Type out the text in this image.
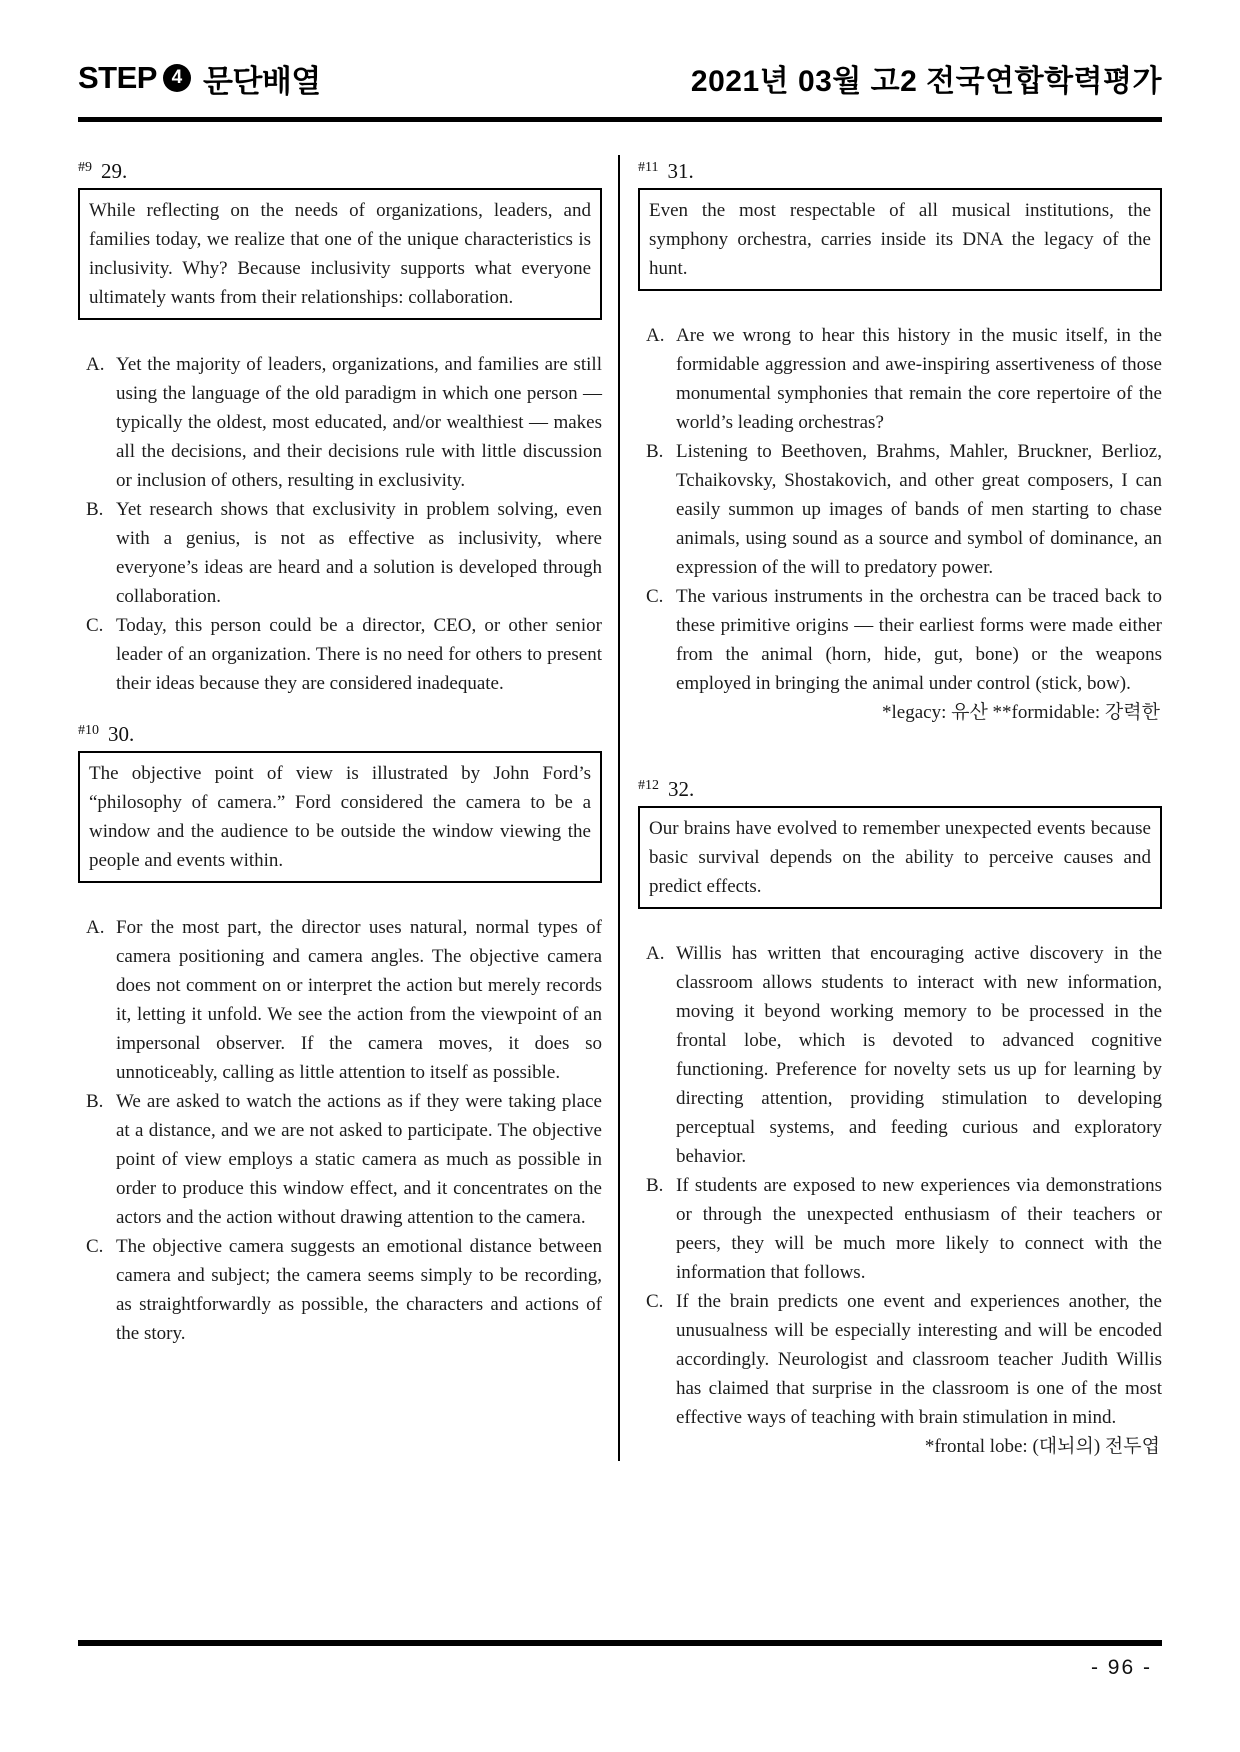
STEP 4 문단배열	2021년 03월 고2 전국연합학력평가
$^{\#9}$ 29.
While reflecting on the needs of organizations, leaders, and families today, we realize that one of the unique characteristics is inclusivity. Why? Because inclusivity supports what everyone ultimately wants from their relationships: collaboration.
A. Yet the majority of leaders, organizations, and families are still using the language of the old paradigm in which one person — typically the oldest, most educated, and/or wealthiest — makes all the decisions, and their decisions rule with little discussion or inclusion of others, resulting in exclusivity.
B. Yet research shows that exclusivity in problem solving, even with a genius, is not as effective as inclusivity, where everyone’s ideas are heard and a solution is developed through collaboration.
C. Today, this person could be a director, CEO, or other senior leader of an organization. There is no need for others to present their ideas because they are considered inadequate.
$^{\#10}$ 30.
The objective point of view is illustrated by John Ford’s “philosophy of camera.” Ford considered the camera to be a window and the audience to be outside the window viewing the people and events within.
A. For the most part, the director uses natural, normal types of camera positioning and camera angles. The objective camera does not comment on or interpret the action but merely records it, letting it unfold. We see the action from the viewpoint of an impersonal observer. If the camera moves, it does so unnoticeably, calling as little attention to itself as possible.
B. We are asked to watch the actions as if they were taking place at a distance, and we are not asked to participate. The objective point of view employs a static camera as much as possible in order to produce this window effect, and it concentrates on the actors and the action without drawing attention to the camera.
C. The objective camera suggests an emotional distance between camera and subject; the camera seems simply to be recording, as straightforwardly as possible, the characters and actions of the story.
$^{\#11}$ 31.
Even the most respectable of all musical institutions, the symphony orchestra, carries inside its DNA the legacy of the hunt.
A. Are we wrong to hear this history in the music itself, in the formidable aggression and awe-inspiring assertiveness of those monumental symphonies that remain the core repertoire of the world’s leading orchestras?
B. Listening to Beethoven, Brahms, Mahler, Bruckner, Berlioz, Tchaikovsky, Shostakovich, and other great composers, I can easily summon up images of bands of men starting to chase animals, using sound as a source and symbol of dominance, an expression of the will to predatory power.
C. The various instruments in the orchestra can be traced back to these primitive origins — their earliest forms were made either from the animal (horn, hide, gut, bone) or the weapons employed in bringing the animal under control (stick, bow).
*legacy: 유산 **formidable: 강력한
$^{\#12}$ 32.
Our brains have evolved to remember unexpected events because basic survival depends on the ability to perceive causes and predict effects.
A. Willis has written that encouraging active discovery in the classroom allows students to interact with new information, moving it beyond working memory to be processed in the frontal lobe, which is devoted to advanced cognitive functioning. Preference for novelty sets us up for learning by directing attention, providing stimulation to developing perceptual systems, and feeding curious and exploratory behavior.
B. If students are exposed to new experiences via demonstrations or through the unexpected enthusiasm of their teachers or peers, they will be much more likely to connect with the information that follows.
C. If the brain predicts one event and experiences another, the unusualness will be especially interesting and will be encoded accordingly. Neurologist and classroom teacher Judith Willis has claimed that surprise in the classroom is one of the most effective ways of teaching with brain stimulation in mind.
*frontal lobe: (대뇌의) 전두엽
- 96 -
